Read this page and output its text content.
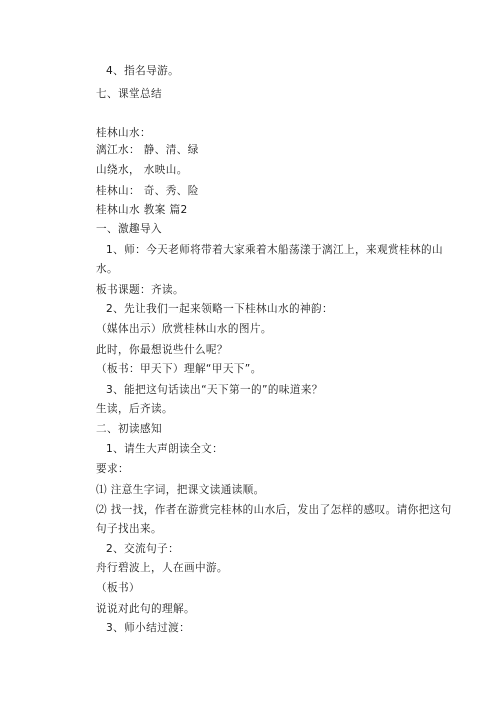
4、指名导游。
七、课堂总结
桂林山水：
漓江水： 静、清、绿
山绕水， 水映山。
桂林山： 奇、秀、险
桂林山水 教案 篇2
一、激趣导入
1、师：今天老师将带着大家乘着木船荡漾于漓江上，来观赏桂林的山
水。
板书课题：齐读。
2、先让我们一起来领略一下桂林山水的神韵：
（媒体出示）欣赏桂林山水的图片。
此时，你最想说些什么呢？
（板书：甲天下）理解“甲天下”。
3、能把这句话读出“天下第一的”的味道来？
生读，后齐读。
二、初读感知
1、请生大声朗读全文：
要求：
⑴ 注意生字词，把课文读通读顺。
⑵ 找一找，作者在游赏完桂林的山水后，发出了怎样的感叹。请你把这句
句子找出来。
2、交流句子：
舟行碧波上，人在画中游。
（板书）
说说对此句的理解。
3、师小结过渡：
